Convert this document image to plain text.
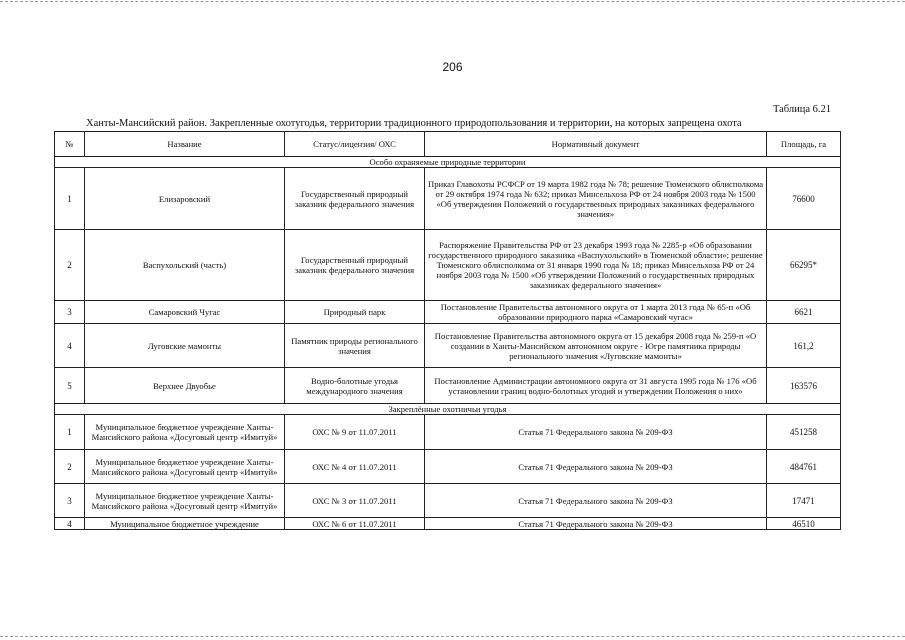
206
Таблица 6.21
Ханты-Мансийский район. Закрепленные охотугодья, территории традиционного природопользования и территории, на которых запрещена охота
№	Название	Статус/лицензия/ ОХС	Нормативный документ	Площадь, га
Особо охраняемые природные территории				
1	Елизаровский	Государственный природный заказник федерального значения	Приказ Главохоты РСФСР от 19 марта 1982 года № 78; решение Тюменского облисполкома от 29 октября 1974 года № 632; приказ Минсельхоза РФ от 24 ноября 2003 года № 1500 «Об утверждении Положений о государственных природных заказниках федерального значения»	76600
2	Васпухольский (часть)	Государственный природный заказник федерального значения	Распоряжение Правительства РФ от 23 декабря 1993 года № 2285-р «Об образовании государственного природного заказника «Васпухольский» в Тюменской области»; решение Тюменского облисполкома от 31 января 1990 года № 18; приказ Минсельхоза РФ от 24 ноября 2003 года № 1500 «Об утверждении Положений о государственных природных заказниках федерального значения»	66295*
3	Самаровский Чугас	Природный парк	Постановление Правительства автономного округа от 1 марта 2013 года № 65-п «Об образовании природного парка «Самаровский чугас»	6621
4	Луговские мамонты	Памятник природы регионального значения	Постановление Правительства автономного округа от 15 декабря 2008 года № 259-п «О создании в Ханты-Мансийском автономном округе - Югре памятника природы регионального значения «Луговские мамонты»	161,2
5	Верхнее Двуобье	Водно-болотные угодья международного значения	Постановление Администрации автономного округа от 31 августа 1995 года № 176 «Об установлении границ водно-болотных угодий и утверждении Положения о них»	163576
Закреплённые охотничьи угодья				
1	Муниципальное бюджетное учреждение Ханты-Мансийского района «Досуговый центр «Имитуй»	ОХС № 9 от 11.07.2011	Статья 71 Федерального закона № 209-ФЗ	451258
2	Муниципальное бюджетное учреждение Ханты-Мансийского района «Досуговый центр «Имитуй»	ОХС № 4 от 11.07.2011	Статья 71 Федерального закона № 209-ФЗ	484761
3	Муниципальное бюджетное учреждение Ханты-Мансийского района «Досуговый центр «Имитуй»	ОХС № 3 от 11.07.2011	Статья 71 Федерального закона № 209-ФЗ	17471
4	Муниципальное бюджетное учреждение	ОХС № 6 от 11.07.2011	Статья 71 Федерального закона № 209-ФЗ	46510
